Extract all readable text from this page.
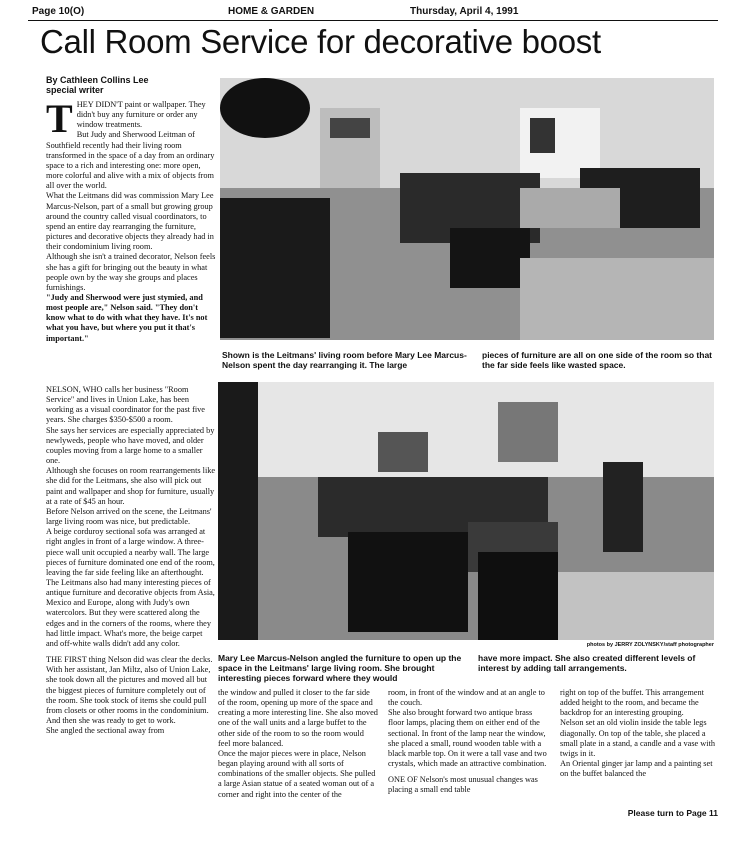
Page 10(O)	HOME & GARDEN	Thursday, April 4, 1991
Call Room Service for decorative boost
By Cathleen Collins Lee
special writer
T HEY DIDN'T paint or wallpaper. They didn't buy any furniture or order any window treatments.

But Judy and Sherwood Leitman of Southfield recently had their living room transformed in the space of a day from an ordinary space to a rich and interesting one: more open, more colorful and alive with a mix of objects from all over the world.

What the Leitmans did was commission Mary Lee Marcus-Nelson, part of a small but growing group around the country called visual coordinators, to spend an entire day rearranging the furniture, pictures and decorative objects they already had in their condominium living room.

Although she isn't a trained decorator, Nelson feels she has a gift for bringing out the beauty in what people own by the way she groups and places furnishings.

"Judy and Sherwood were just stymied, and most people are," Nelson said. "They don't know what to do with what they have. It's not what you have, but where you put it that's important."

NELSON, WHO calls her business "Room Service" and lives in Union Lake, has been working as a visual coordinator for the past five years. She charges $350-$500 a room.

She says her services are especially appreciated by newlyweds, people who have moved, and older couples moving from a large home to a smaller one.

Although she focuses on room rearrangements like she did for the Leitmans, she also will pick out paint and wallpaper and shop for furniture, usually at a rate of $45 an hour.

Before Nelson arrived on the scene, the Leitmans' large living room was nice, but predictable.

A beige corduroy sectional sofa was arranged at right angles in front of a large window. A three-piece wall unit occupied a nearby wall. The large pieces of furniture dominated one end of the room, leaving the far side feeling like an afterthought.

The Leitmans also had many interesting pieces of antique furniture and decorative objects from Asia, Mexico and Europe, along with Judy's own watercolors. But they were scattered along the edges and in the corners of the rooms, where they had little impact. What's more, the beige carpet and off-white walls didn't add any color.

THE FIRST thing Nelson did was clear the decks. With her assistant, Jan Miltz, also of Union Lake, she took down all the pictures and moved all but the biggest pieces of furniture completely out of the room. She took stock of items she could pull from closets or other rooms in the condominium. And then she was ready to get to work.

She angled the sectional away from

Shown is the Leitmans' living room before Mary Lee Marcus-Nelson spent the day rearranging it. The large
pieces of furniture are all on one side of the room so that the far side feels like wasted space.
photos by JERRY ZOLYNSKY/staff photographer
Mary Lee Marcus-Nelson angled the furniture to open up the space in the Leitmans' large living room. She brought interesting pieces forward where they would
have more impact. She also created different levels of interest by adding tall arrangements.

the window and pulled it closer to the far side of the room, opening up more of the space and creating a more interesting line. She also moved one of the wall units and a large buffet to the other side of the room to so the room would feel more balanced.

Once the major pieces were in place, Nelson began playing around with all sorts of combinations of the smaller objects. She pulled a large Asian statue of a seated woman out of a corner and right into the center of the

room, in front of the window and at an angle to the couch.

She also brought forward two antique brass floor lamps, placing them on either end of the sectional. In front of the lamp near the window, she placed a small, round wooden table with a black marble top. On it were a tall vase and two crystals, which made an attractive combination.

ONE OF Nelson's most unusual changes was placing a small end table

right on top of the buffet. This arrangement added height to the room, and became the backdrop for an interesting grouping.

Nelson set an old violin inside the table legs diagonally. On top of the table, she placed a small plate in a stand, a candle and a vase with twigs in it.

An Oriental ginger jar lamp and a painting set on the buffet balanced the

Please turn to Page 11
